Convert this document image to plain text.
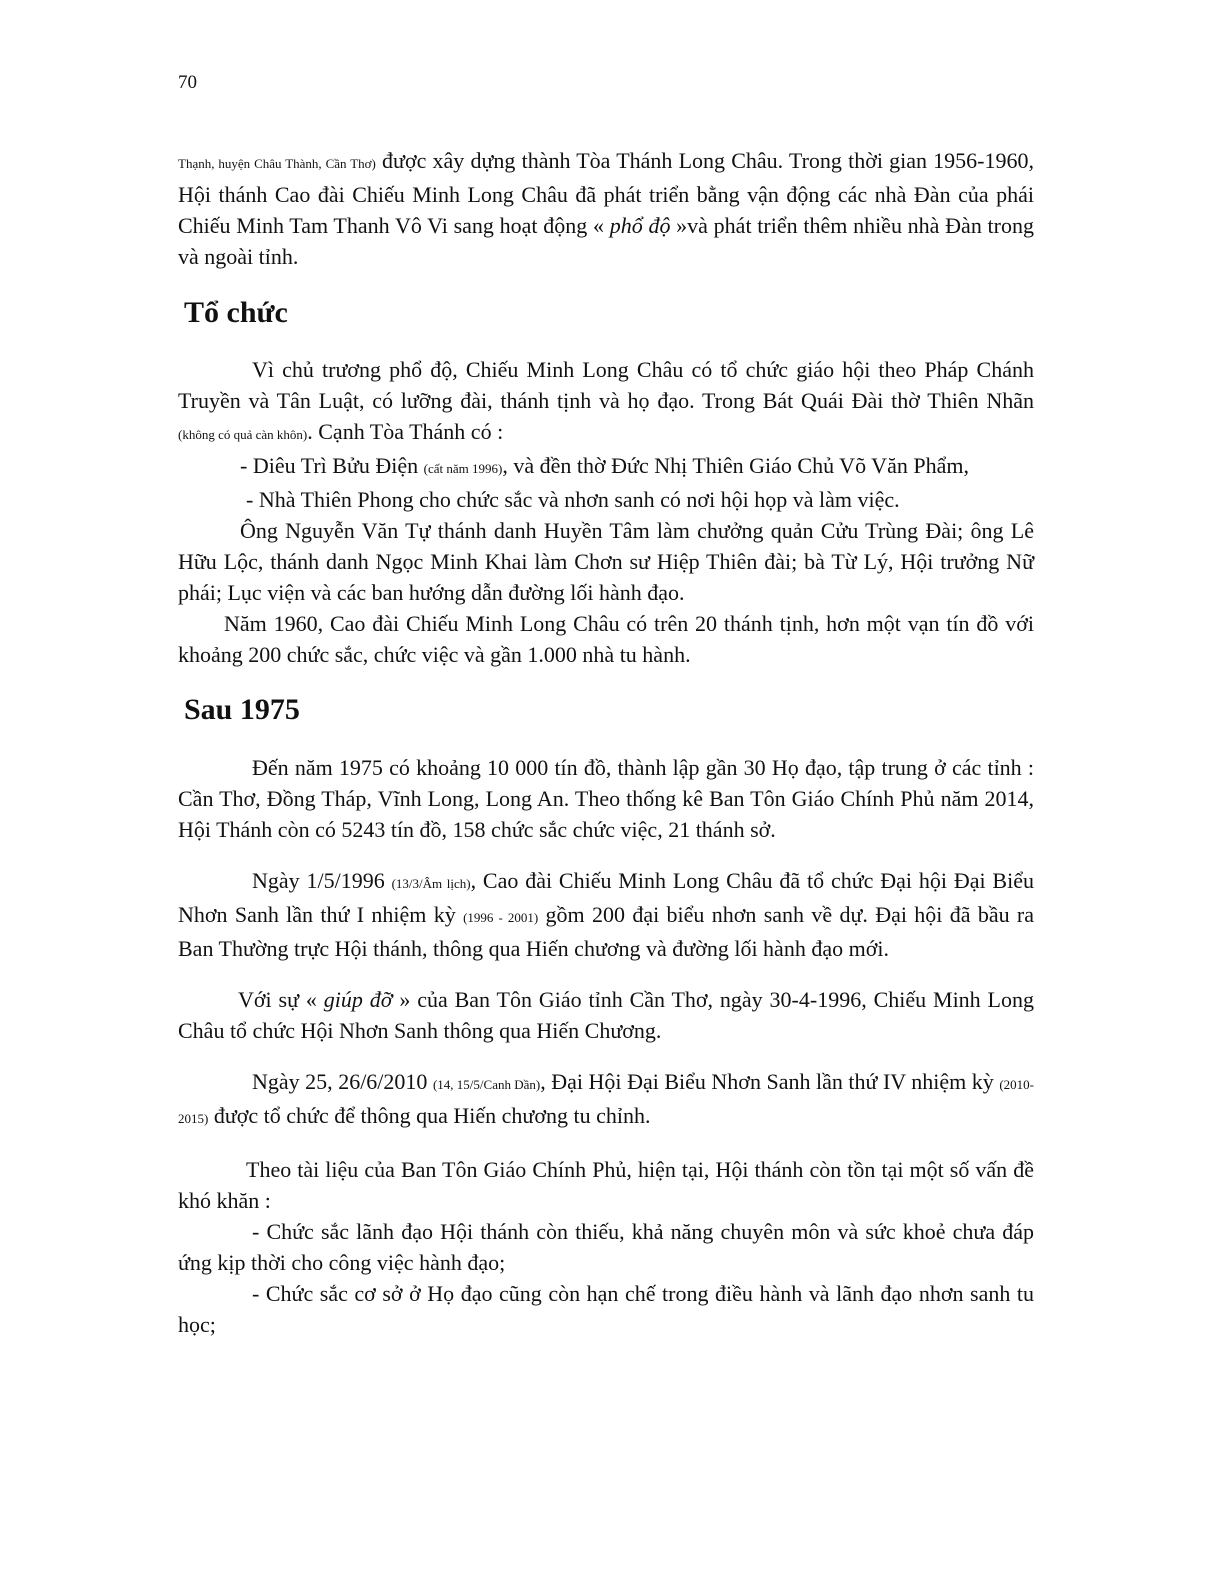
70

Thạnh, huyện Châu Thành, Cần Thơ) được xây dựng thành Tòa Thánh Long Châu. Trong thời gian 1956-1960, Hội thánh Cao đài Chiếu Minh Long Châu đã phát triển bằng vận động các nhà Đàn của phái Chiếu Minh Tam Thanh Vô Vi sang hoạt động « phổ độ »và phát triển thêm nhiều nhà Đàn trong và ngoài tỉnh.

Tổ chức

Vì chủ trương phổ độ, Chiếu Minh Long Châu có tổ chức giáo hội theo Pháp Chánh Truyền và Tân Luật, có lưỡng đài, thánh tịnh và họ đạo. Trong Bát Quái Đài thờ Thiên Nhãn (không có quả càn khôn). Cạnh Tòa Thánh có :

- Diêu Trì Bửu Điện (cất năm 1996), và đền thờ Đức Nhị Thiên Giáo Chủ Võ Văn Phẩm,

- Nhà Thiên Phong cho chức sắc và nhơn sanh có nơi hội họp và làm việc.

Ông Nguyễn Văn Tự thánh danh Huyền Tâm làm chưởng quản Cửu Trùng Đài; ông Lê Hữu Lộc, thánh danh Ngọc Minh Khai làm Chơn sư Hiệp Thiên đài; bà Từ Lý, Hội trưởng Nữ phái; Lục viện và các ban hướng dẫn đường lối hành đạo.

Năm 1960, Cao đài Chiếu Minh Long Châu có trên 20 thánh tịnh, hơn một vạn tín đồ với khoảng 200 chức sắc, chức việc và gần 1.000 nhà tu hành.

Sau 1975

Đến năm 1975 có khoảng 10 000 tín đồ, thành lập gần 30 Họ đạo, tập trung ở các tỉnh : Cần Thơ, Đồng Tháp, Vĩnh Long, Long An. Theo thống kê Ban Tôn Giáo Chính Phủ năm 2014, Hội Thánh còn có 5243 tín đồ, 158 chức sắc chức việc, 21 thánh sở.

Ngày 1/5/1996 (13/3/Âm lịch), Cao đài Chiếu Minh Long Châu đã tổ chức Đại hội Đại Biểu Nhơn Sanh lần thứ I nhiệm kỳ (1996 - 2001) gồm 200 đại biểu nhơn sanh về dự. Đại hội đã bầu ra Ban Thường trực Hội thánh, thông qua Hiến chương và đường lối hành đạo mới.

Với sự « giúp đỡ » của Ban Tôn Giáo tỉnh Cần Thơ, ngày 30-4-1996, Chiếu Minh Long Châu tổ chức Hội Nhơn Sanh thông qua Hiến Chương.

Ngày 25, 26/6/2010 (14, 15/5/Canh Dần), Đại Hội Đại Biểu Nhơn Sanh lần thứ IV nhiệm kỳ (2010-2015) được tổ chức để thông qua Hiến chương tu chỉnh.

Theo tài liệu của Ban Tôn Giáo Chính Phủ, hiện tại, Hội thánh còn tồn tại một số vấn đề khó khăn :

- Chức sắc lãnh đạo Hội thánh còn thiếu, khả năng chuyên môn và sức khoẻ chưa đáp ứng kịp thời cho công việc hành đạo;

- Chức sắc cơ sở ở Họ đạo cũng còn hạn chế trong điều hành và lãnh đạo nhơn sanh tu học;
